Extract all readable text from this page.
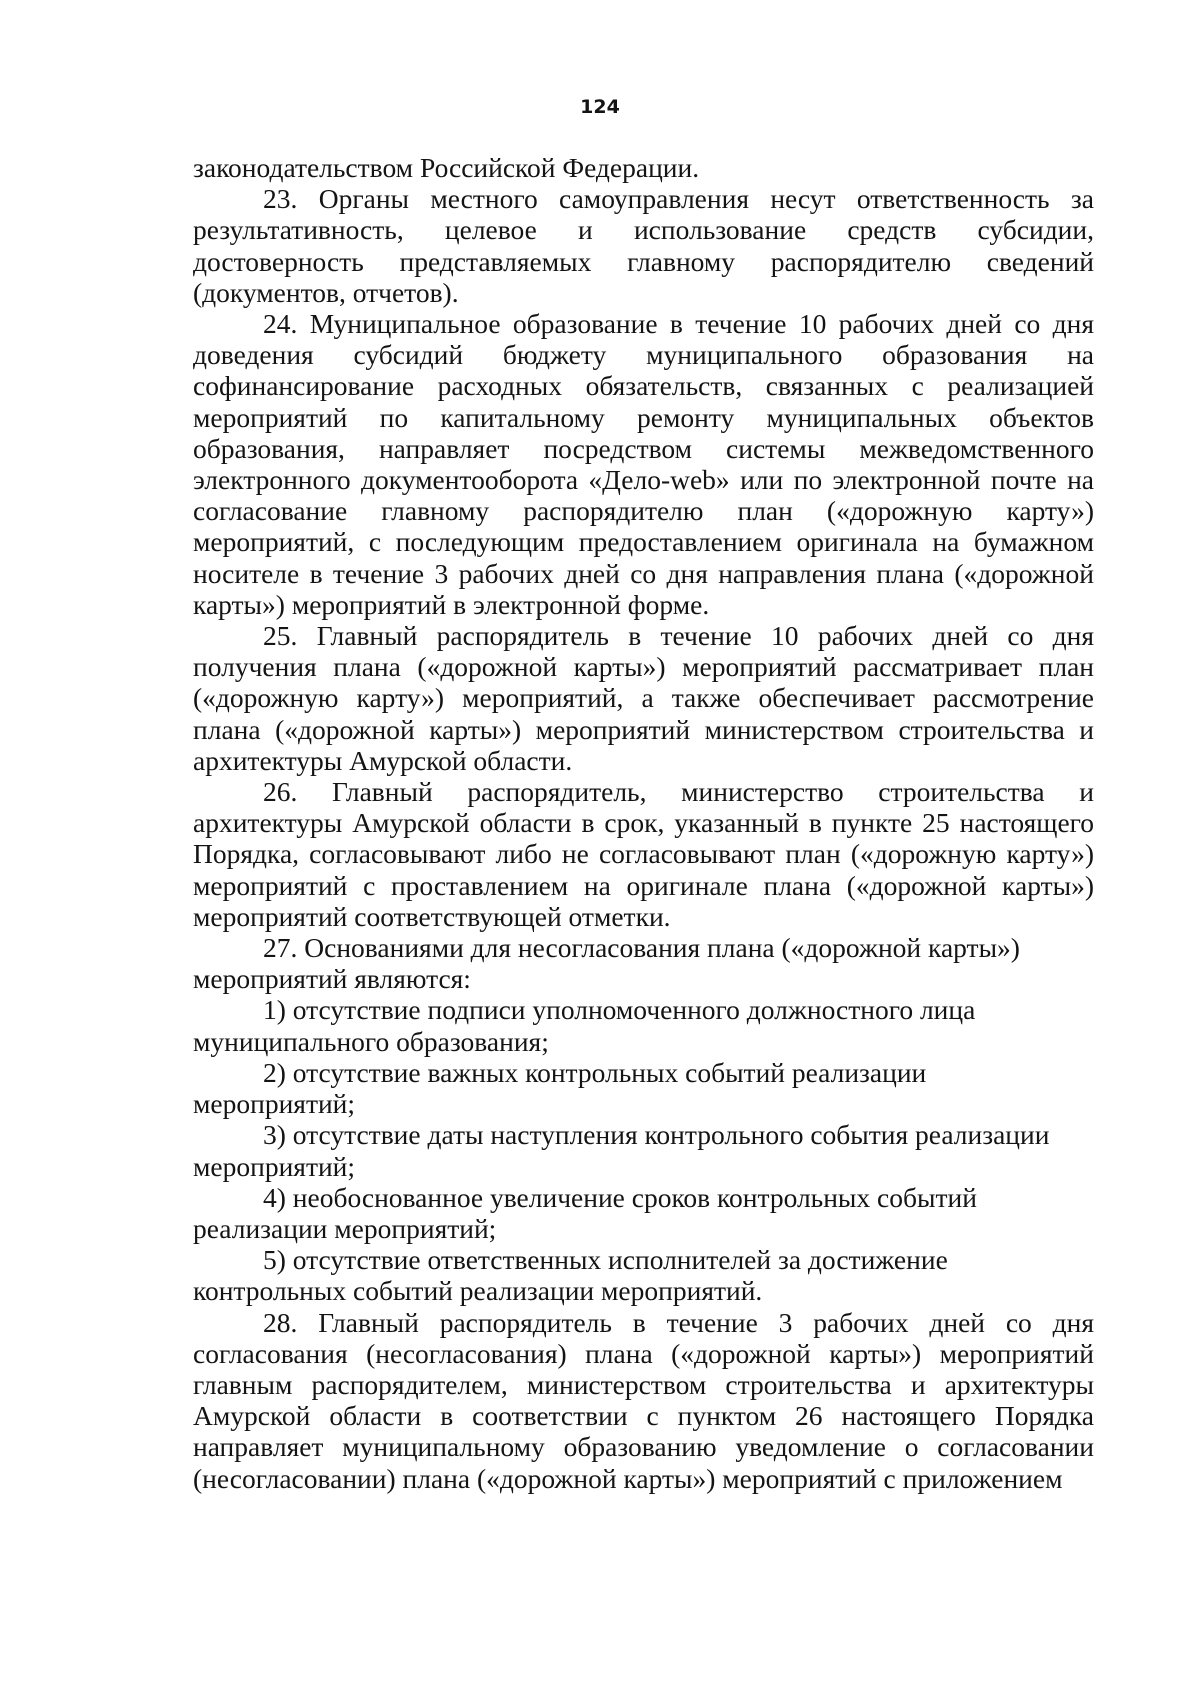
124

законодательством Российской Федерации.

23. Органы местного самоуправления несут ответственность за результативность, целевое и использование средств субсидии, достоверность представляемых главному распорядителю сведений (документов, отчетов).

24. Муниципальное образование в течение 10 рабочих дней со дня доведения субсидий бюджету муниципального образования на софинансирование расходных обязательств, связанных с реализацией мероприятий по капитальному ремонту муниципальных объектов образования, направляет посредством системы межведомственного электронного документооборота «Дело-web» или по электронной почте на согласование главному распорядителю план («дорожную карту») мероприятий, с последующим предоставлением оригинала на бумажном носителе в течение 3 рабочих дней со дня направления плана («дорожной карты») мероприятий в электронной форме.

25. Главный распорядитель в течение 10 рабочих дней со дня получения плана («дорожной карты») мероприятий рассматривает план («дорожную карту») мероприятий, а также обеспечивает рассмотрение плана («дорожной карты») мероприятий министерством строительства и архитектуры Амурской области.

26. Главный распорядитель, министерство строительства и архитектуры Амурской области в срок, указанный в пункте 25 настоящего Порядка, согласовывают либо не согласовывают план («дорожную карту») мероприятий с проставлением на оригинале плана («дорожной карты») мероприятий соответствующей отметки.

27. Основаниями для несогласования плана («дорожной карты») мероприятий являются:

1) отсутствие подписи уполномоченного должностного лица муниципального образования;

2) отсутствие важных контрольных событий реализации мероприятий;

3) отсутствие даты наступления контрольного события реализации мероприятий;

4) необоснованное увеличение сроков контрольных событий реализации мероприятий;

5) отсутствие ответственных исполнителей за достижение контрольных событий реализации мероприятий.

28. Главный распорядитель в течение 3 рабочих дней со дня согласования (несогласования) плана («дорожной карты») мероприятий главным распорядителем, министерством строительства и архитектуры Амурской области в соответствии с пунктом 26 настоящего Порядка направляет муниципальному образованию уведомление о согласовании (несогласовании) плана («дорожной карты») мероприятий с приложением
